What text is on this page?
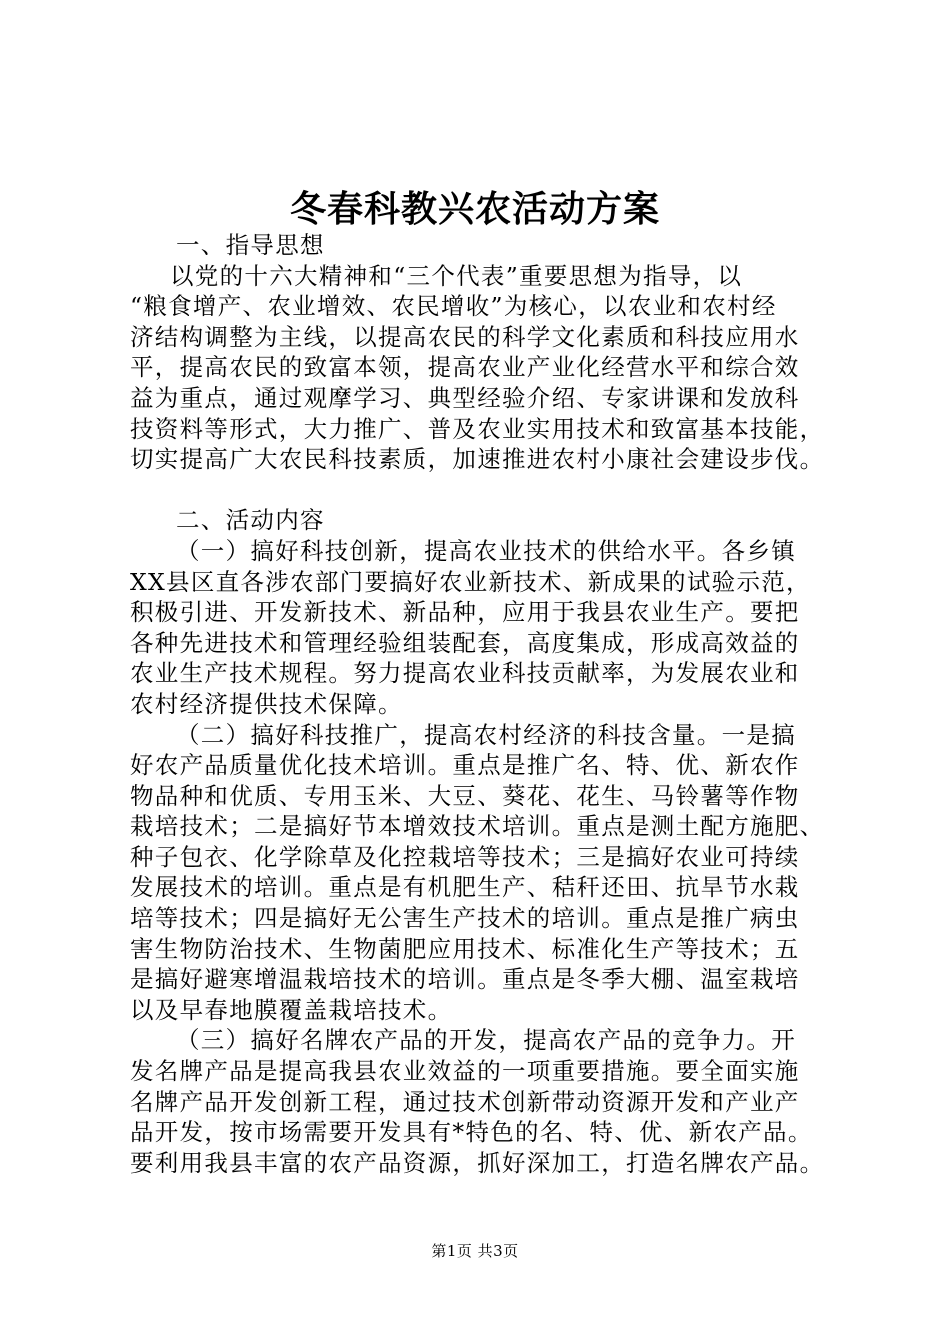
冬春科教兴农活动方案
一、指导思想
以党的十六大精神和“三个代表”重要思想为指导，以
“粮食增产、农业增效、农民增收”为核心，以农业和农村经
济结构调整为主线，以提高农民的科学文化素质和科技应用水
平，提高农民的致富本领，提高农业产业化经营水平和综合效
益为重点，通过观摩学习、典型经验介绍、专家讲课和发放科
技资料等形式，大力推广、普及农业实用技术和致富基本技能，
切实提高广大农民科技素质，加速推进农村小康社会建设步伐。
二、活动内容
（一）搞好科技创新，提高农业技术的供给水平。各乡镇
XX县区直各涉农部门要搞好农业新技术、新成果的试验示范，
积极引进、开发新技术、新品种，应用于我县农业生产。要把
各种先进技术和管理经验组装配套，高度集成，形成高效益的
农业生产技术规程。努力提高农业科技贡献率，为发展农业和
农村经济提供技术保障。
（二）搞好科技推广，提高农村经济的科技含量。一是搞
好农产品质量优化技术培训。重点是推广名、特、优、新农作
物品种和优质、专用玉米、大豆、葵花、花生、马铃薯等作物
栽培技术；二是搞好节本增效技术培训。重点是测土配方施肥、
种子包衣、化学除草及化控栽培等技术；三是搞好农业可持续
发展技术的培训。重点是有机肥生产、秸秆还田、抗旱节水栽
培等技术；四是搞好无公害生产技术的培训。重点是推广病虫
害生物防治技术、生物菌肥应用技术、标准化生产等技术；五
是搞好避寒增温栽培技术的培训。重点是冬季大棚、温室栽培
以及早春地膜覆盖栽培技术。
（三）搞好名牌农产品的开发，提高农产品的竞争力。开
发名牌产品是提高我县农业效益的一项重要措施。要全面实施
名牌产品开发创新工程，通过技术创新带动资源开发和产业产
品开发，按市场需要开发具有*特色的名、特、优、新农产品。
要利用我县丰富的农产品资源，抓好深加工，打造名牌农产品。
第1页 共3页
